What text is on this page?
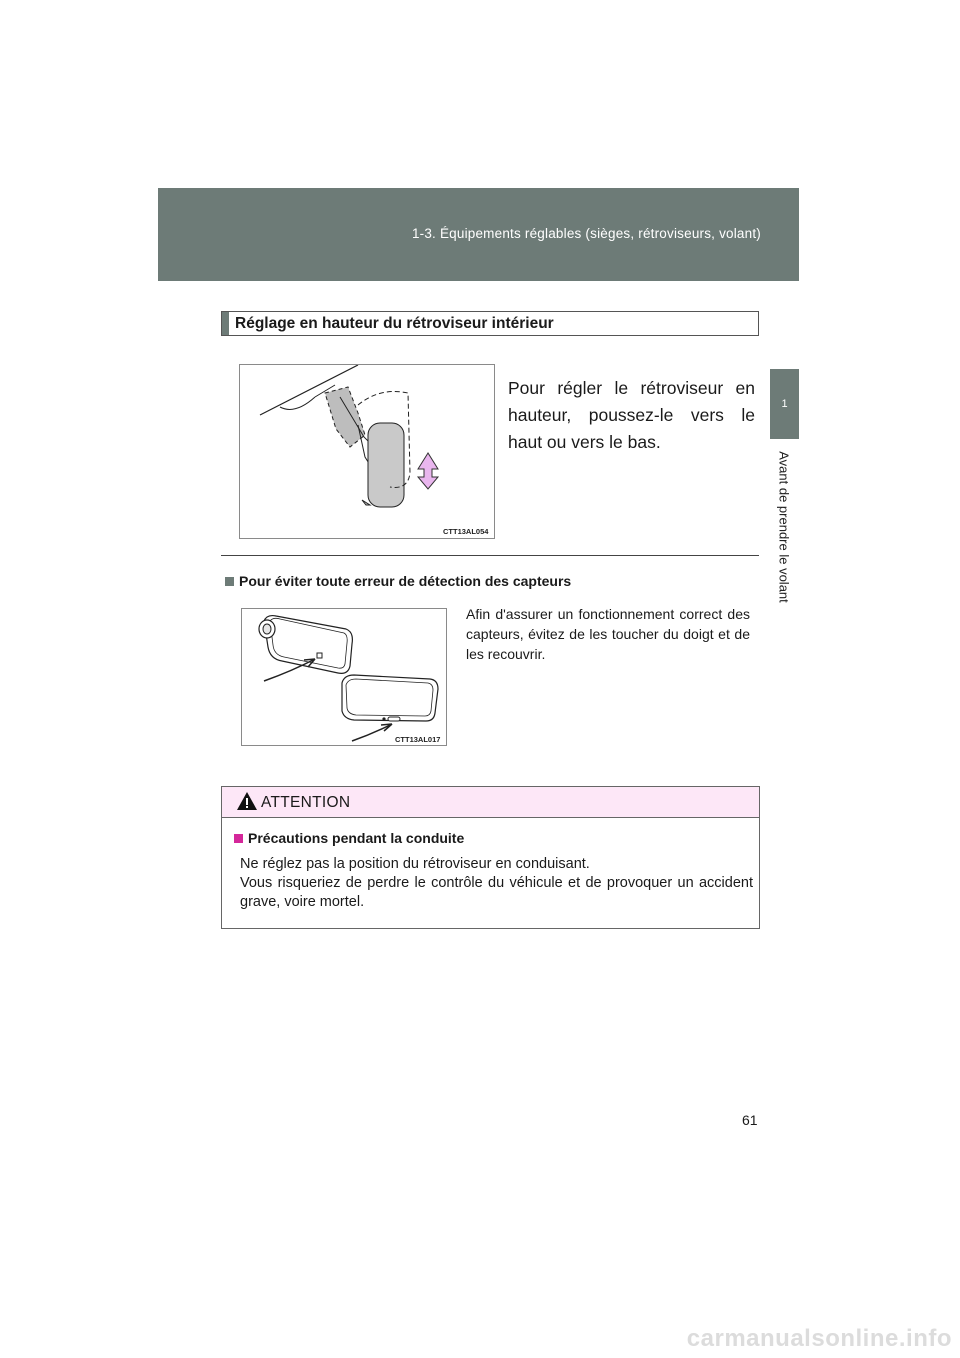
1-3. Équipements réglables (sièges, rétroviseurs, volant)
1
Avant de prendre le volant
Réglage en hauteur du rétroviseur intérieur
CTT13AL054
Pour régler le rétroviseur en hauteur, poussez-le vers le haut ou vers le bas.
Pour éviter toute erreur de détection des capteurs
CTT13AL017
Afin d'assurer un fonctionnement correct des capteurs, évitez de les toucher du doigt et de les recouvrir.
ATTENTION
Précautions pendant la conduite

Ne réglez pas la position du rétroviseur en conduisant.

Vous risqueriez de perdre le contrôle du véhicule et de provoquer un accident grave, voire mortel.

61
carmanualsonline.info
